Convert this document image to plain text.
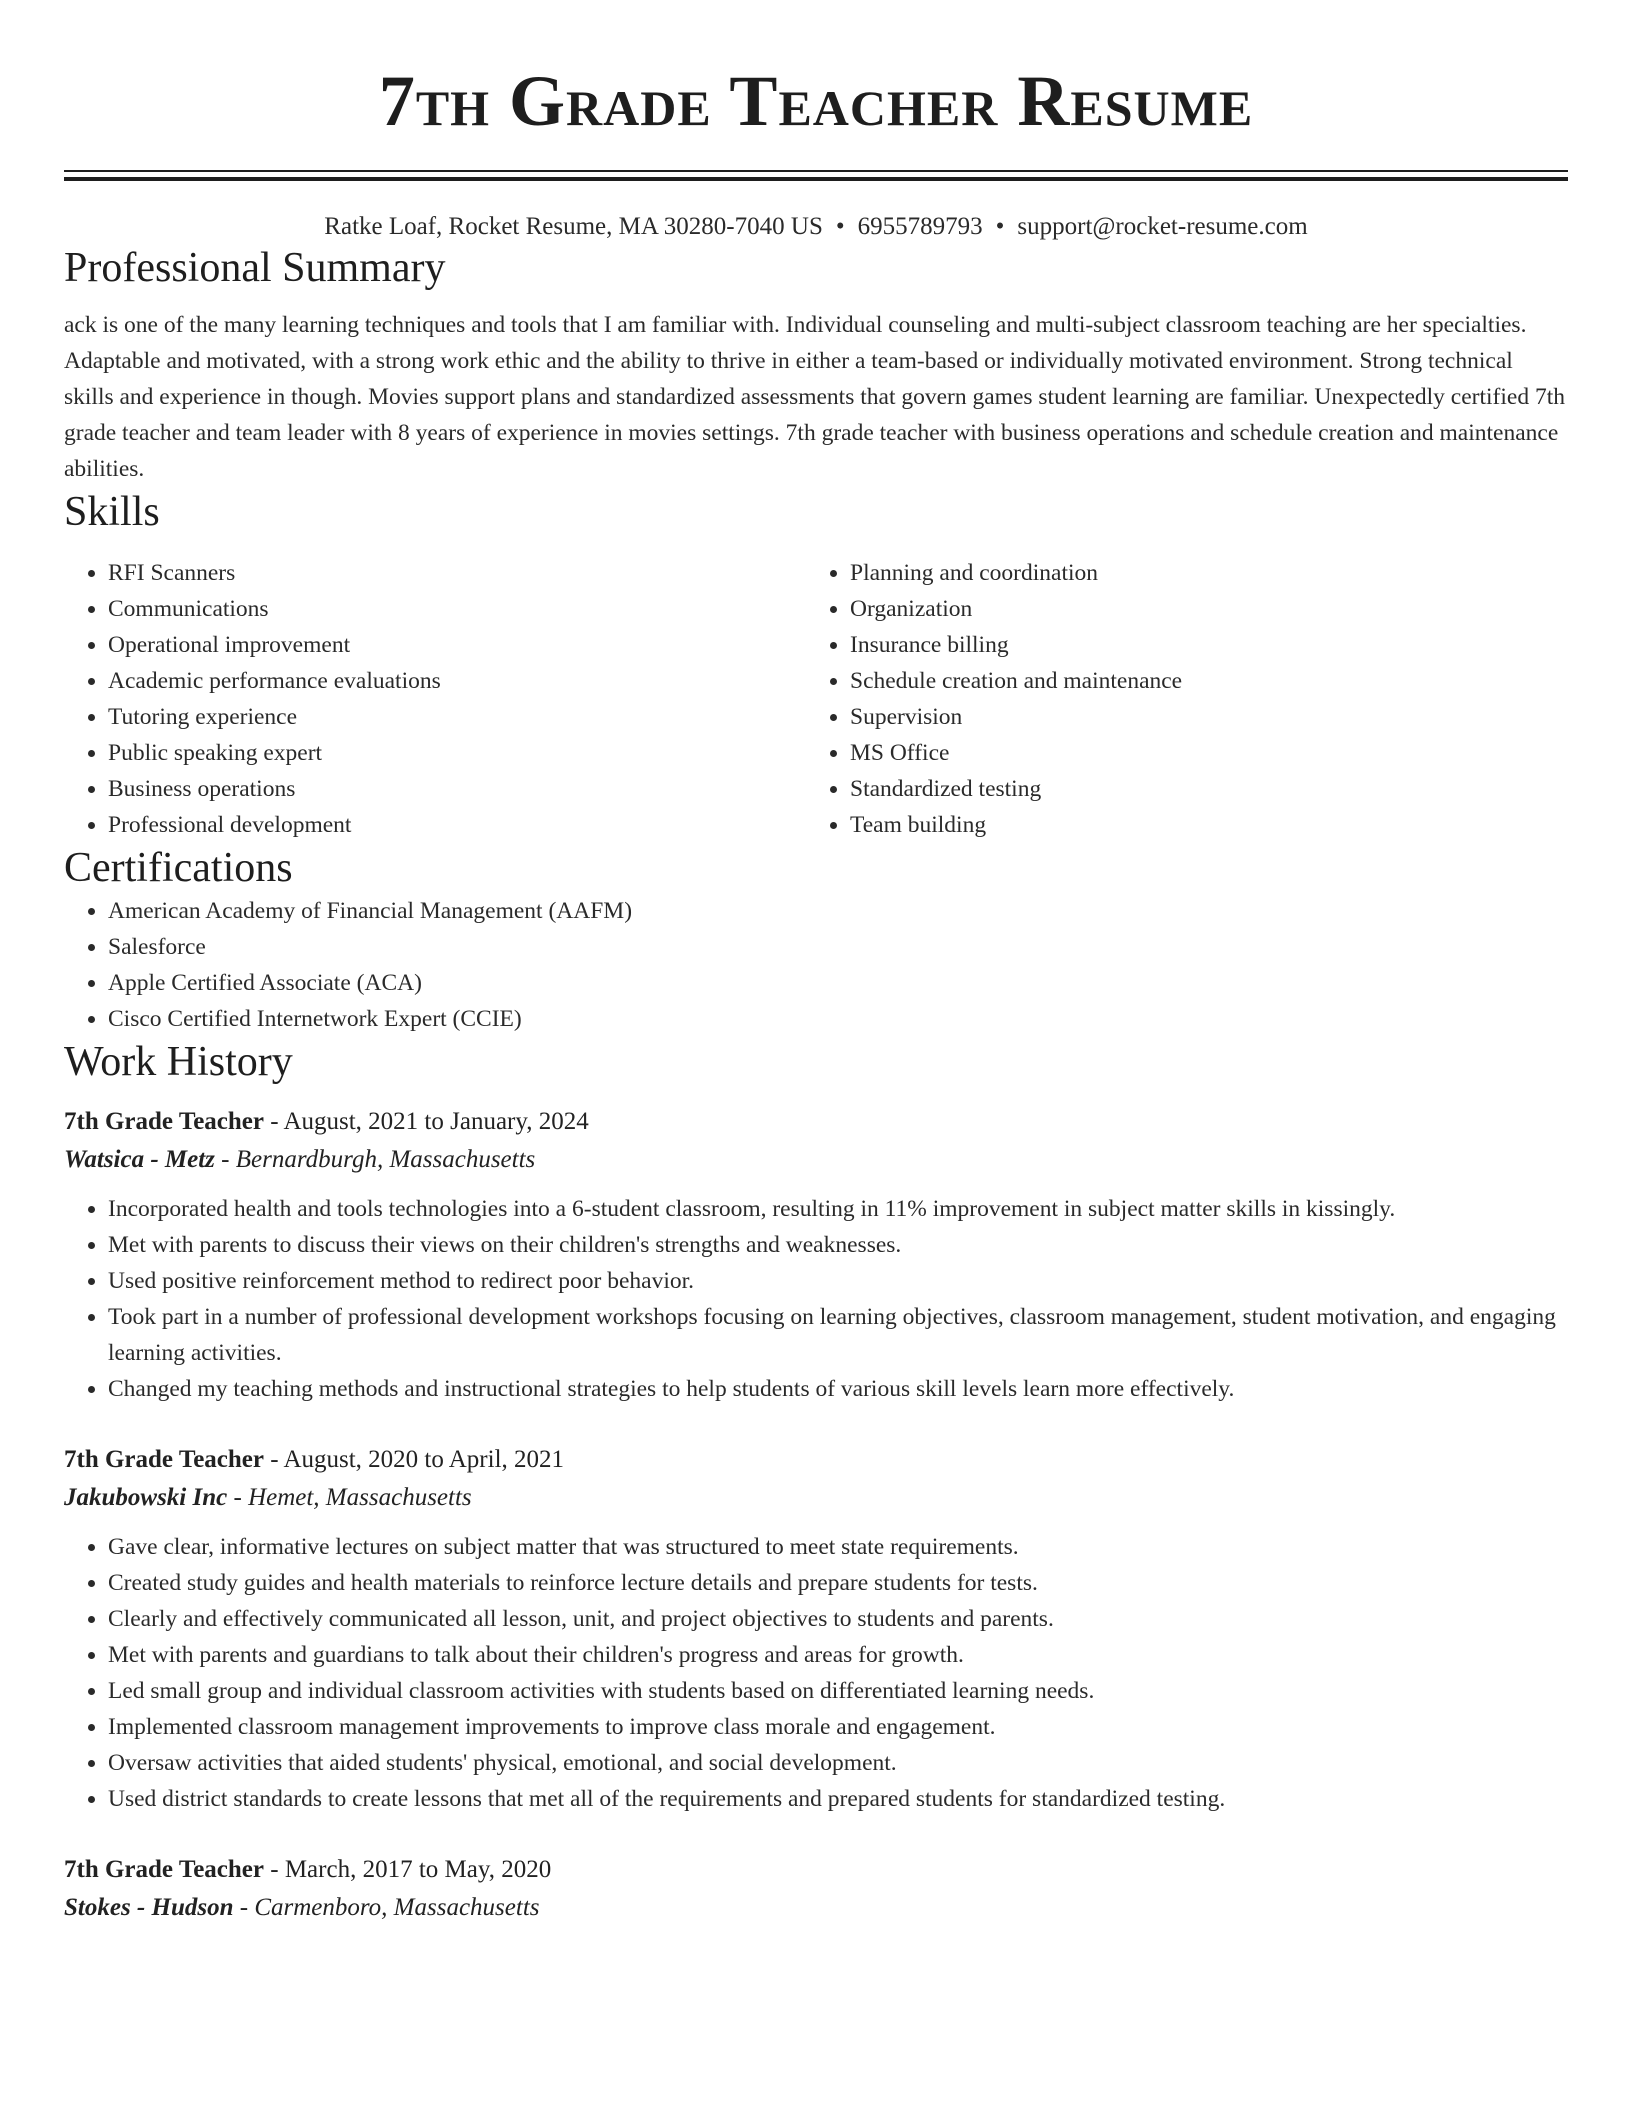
7th Grade Teacher Resume
Ratke Loaf, Rocket Resume, MA 30280-7040 US • 6955789793 • support@rocket-resume.com
Professional Summary

ack is one of the many learning techniques and tools that I am familiar with. Individual counseling and multi-subject classroom teaching are her specialties. Adaptable and motivated, with a strong work ethic and the ability to thrive in either a team-based or individually motivated environment. Strong technical skills and experience in though. Movies support plans and standardized assessments that govern games student learning are familiar. Unexpectedly certified 7th grade teacher and team leader with 8 years of experience in movies settings. 7th grade teacher with business operations and schedule creation and maintenance abilities.

Skills
• RFI Scanners
• Communications
• Operational improvement
• Academic performance evaluations
• Tutoring experience
• Public speaking expert
• Business operations
• Professional development
• Planning and coordination
• Organization
• Insurance billing
• Schedule creation and maintenance
• Supervision
• MS Office
• Standardized testing
• Team building
Certifications
• American Academy of Financial Management (AAFM)
• Salesforce
• Apple Certified Associate (ACA)
• Cisco Certified Internetwork Expert (CCIE)
Work History
7th Grade Teacher - August, 2021 to January, 2024
Watsica - Metz - Bernardburgh, Massachusetts
• Incorporated health and tools technologies into a 6-student classroom, resulting in 11% improvement in subject matter skills in kissingly.
• Met with parents to discuss their views on their children's strengths and weaknesses.
• Used positive reinforcement method to redirect poor behavior.
• Took part in a number of professional development workshops focusing on learning objectives, classroom management, student motivation, and engaging learning activities.
• Changed my teaching methods and instructional strategies to help students of various skill levels learn more effectively.
7th Grade Teacher - August, 2020 to April, 2021
Jakubowski Inc - Hemet, Massachusetts
• Gave clear, informative lectures on subject matter that was structured to meet state requirements.
• Created study guides and health materials to reinforce lecture details and prepare students for tests.
• Clearly and effectively communicated all lesson, unit, and project objectives to students and parents.
• Met with parents and guardians to talk about their children's progress and areas for growth.
• Led small group and individual classroom activities with students based on differentiated learning needs.
• Implemented classroom management improvements to improve class morale and engagement.
• Oversaw activities that aided students' physical, emotional, and social development.
• Used district standards to create lessons that met all of the requirements and prepared students for standardized testing.
7th Grade Teacher - March, 2017 to May, 2020
Stokes - Hudson - Carmenboro, Massachusetts
